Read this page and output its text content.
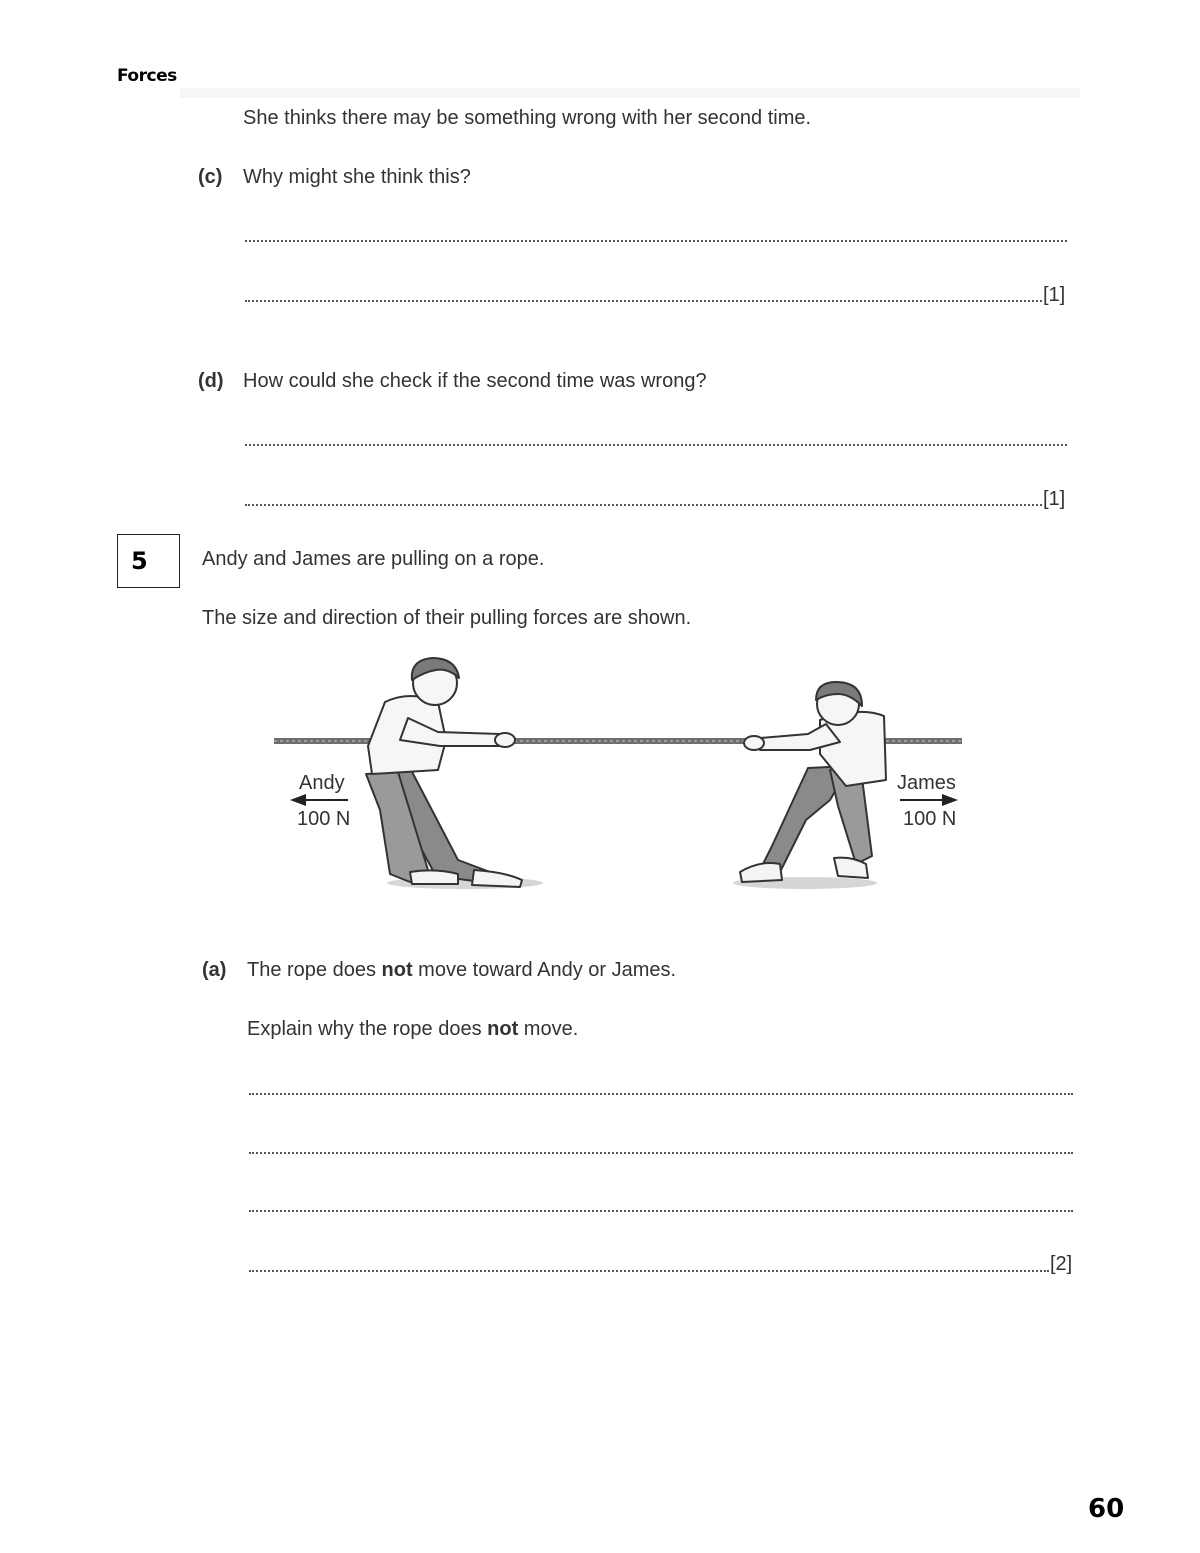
Forces
She thinks there may be something wrong with her second time.
(c) Why might she think this?
[1]
(d) How could she check if the second time was wrong?
[1]
5	Andy and James are pulling on a rope.
The size and direction of their pulling forces are shown.
Andy
100 N
James
100 N
(a) The rope does not move toward Andy or James.
Explain why the rope does not move.
[2]
60
